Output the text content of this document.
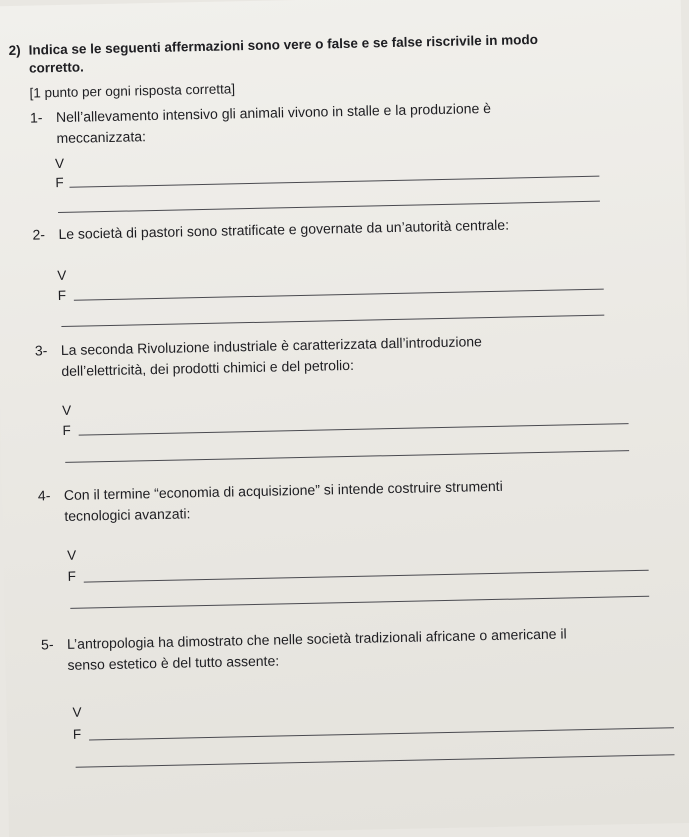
2) Indica se le seguenti affermazioni sono vere o false e se false riscrivile in modo
corretto.
[1 punto per ogni risposta corretta]
1- Nell’allevamento intensivo gli animali vivono in stalle e la produzione è
meccanizzata:
V
F
2- Le società di pastori sono stratificate e governate da un’autorità centrale:
V
F
3- La seconda Rivoluzione industriale è caratterizzata dall’introduzione
dell’elettricità, dei prodotti chimici e del petrolio:
V
F
4- Con il termine “economia di acquisizione” si intende costruire strumenti
tecnologici avanzati:
V
F
5- L’antropologia ha dimostrato che nelle società tradizionali africane o americane il
senso estetico è del tutto assente:
V
F
